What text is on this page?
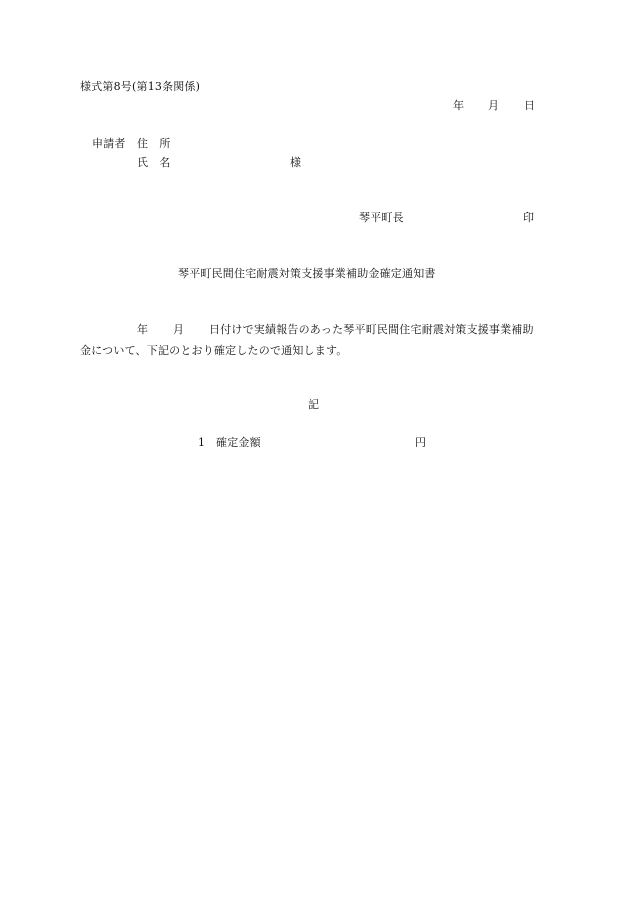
様式第8号(第13条関係)
年 月 日
申請者 住　所
氏　名	様
琴平町長	印
琴平町民間住宅耐震対策支援事業補助金確定通知書
年 月 日付けで実績報告のあった琴平町民間住宅耐震対策支援事業補助
金について、下記のとおり確定したので通知します。
記
1 確定金額	円
